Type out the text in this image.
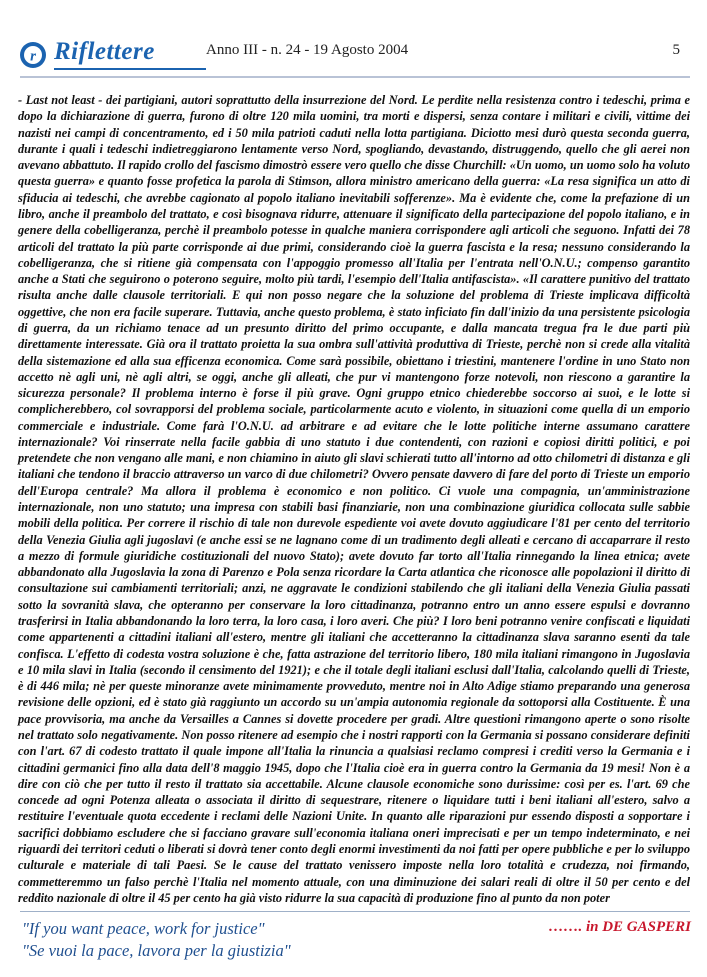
r Riflettere	Anno III - n. 24 - 19 Agosto 2004	5
- Last not least - dei partigiani, autori soprattutto della insurrezione del Nord. Le perdite nella resistenza contro i tedeschi, prima e dopo la dichiarazione di guerra, furono di oltre 120 mila uomini, tra morti e dispersi, senza contare i militari e civili, vittime dei nazisti nei campi di concentramento, ed i 50 mila patrioti caduti nella lotta partigiana. Diciotto mesi durò questa seconda guerra, durante i quali i tedeschi indietreggiarono lentamente verso Nord, spogliando, devastando, distruggendo, quello che gli aerei non avevano abbattuto. Il rapido crollo del fascismo dimostrò essere vero quello che disse Churchill: «Un uomo, un uomo solo ha voluto questa guerra» e quanto fosse profetica la parola di Stimson, allora ministro americano della guerra: «La resa significa un atto di sfiducia ai tedeschi, che avrebbe cagionato al popolo italiano inevitabili sofferenze». Ma è evidente che, come la prefazione di un libro, anche il preambolo del trattato, e così bisognava ridurre, attenuare il significato della partecipazione del popolo italiano, e in genere della cobelligeranza, perchè il preambolo potesse in qualche maniera corrispondere agli articoli che seguono. Infatti dei 78 articoli del trattato la più parte corrisponde ai due primi, considerando cioè la guerra fascista e la resa; nessuno considerando la cobelligeranza, che si ritiene già compensata con l'appoggio promesso all'Italia per l'entrata nell'O.N.U.; compenso garantito anche a Stati che seguirono o poterono seguire, molto più tardi, l'esempio dell'Italia antifascista». «Il carattere punitivo del trattato risulta anche dalle clausole territoriali. E qui non posso negare che la soluzione del problema di Trieste implicava difficoltà oggettive, che non era facile superare. Tuttavia, anche questo problema, è stato inficiato fin dall'inizio da una persistente psicologia di guerra, da un richiamo tenace ad un presunto diritto del primo occupante, e dalla mancata tregua fra le due parti più direttamente interessate. Già ora il trattato proietta la sua ombra sull'attività produttiva di Trieste, perchè non si crede alla vitalità della sistemazione ed alla sua efficenza economica. Come sarà possibile, obiettano i triestini, mantenere l'ordine in uno Stato non accetto nè agli uni, nè agli altri, se oggi, anche gli alleati, che pur vi mantengono forze notevoli, non riescono a garantire la sicurezza personale? Il problema interno è forse il più grave. Ogni gruppo etnico chiederebbe soccorso ai suoi, e le lotte si complicherebbero, col sovrapporsi del problema sociale, particolarmente acuto e violento, in situazioni come quella di un emporio commerciale e industriale. Come farà l'O.N.U. ad arbitrare e ad evitare che le lotte politiche interne assumano carattere internazionale? Voi rinserrate nella facile gabbia di uno statuto i due contendenti, con razioni e copiosi diritti politici, e poi pretendete che non vengano alle mani, e non chiamino in aiuto gli slavi schierati tutto all'intorno ad otto chilometri di distanza e gli italiani che tendono il braccio attraverso un varco di due chilometri? Ovvero pensate davvero di fare del porto di Trieste un emporio dell'Europa centrale? Ma allora il problema è economico e non politico. Ci vuole una compagnia, un'amministrazione internazionale, non uno statuto; una impresa con stabili basi finanziarie, non una combinazione giuridica collocata sulle sabbie mobili della politica. Per correre il rischio di tale non durevole espediente voi avete dovuto aggiudicare l'81 per cento del territorio della Venezia Giulia agli jugoslavi (e anche essi se ne lagnano come di un tradimento degli alleati e cercano di accaparrare il resto a mezzo di formule giuridiche costituzionali del nuovo Stato); avete dovuto far torto all'Italia rinnegando la linea etnica; avete abbandonato alla Jugoslavia la zona di Parenzo e Pola senza ricordare la Carta atlantica che riconosce alle popolazioni il diritto di consultazione sui cambiamenti territoriali; anzi, ne aggravate le condizioni stabilendo che gli italiani della Venezia Giulia passati sotto la sovranità slava, che opteranno per conservare la loro cittadinanza, potranno entro un anno essere espulsi e dovranno trasferirsi in Italia abbandonando la loro terra, la loro casa, i loro averi. Che più? I loro beni potranno venire confiscati e liquidati come appartenenti a cittadini italiani all'estero, mentre gli italiani che accetteranno la cittadinanza slava saranno esenti da tale confisca. L'effetto di codesta vostra soluzione è che, fatta astrazione del territorio libero, 180 mila italiani rimangono in Jugoslavia e 10 mila slavi in Italia (secondo il censimento del 1921); e che il totale degli italiani esclusi dall'Italia, calcolando quelli di Trieste, è di 446 mila; nè per queste minoranze avete minimamente provveduto, mentre noi in Alto Adige stiamo preparando una generosa revisione delle opzioni, ed è stato già raggiunto un accordo su un'ampia autonomia regionale da sottoporsi alla Costituente. È una pace provvisoria, ma anche da Versailles a Cannes si dovette procedere per gradi. Altre questioni rimangono aperte o sono risolte nel trattato solo negativamente. Non posso ritenere ad esempio che i nostri rapporti con la Germania si possano considerare definiti con l'art. 67 di codesto trattato il quale impone all'Italia la rinuncia a qualsiasi reclamo compresi i crediti verso la Germania e i cittadini germanici fino alla data dell'8 maggio 1945, dopo che l'Italia cioè era in guerra contro la Germania da 19 mesi! Non è a dire con ciò che per tutto il resto il trattato sia accettabile. Alcune clausole economiche sono durissime: così per es. l'art. 69 che concede ad ogni Potenza alleata o associata il diritto di sequestrare, ritenere o liquidare tutti i beni italiani all'estero, salvo a restituire l'eventuale quota eccedente i reclami delle Nazioni Unite. In quanto alle riparazioni pur essendo disposti a sopportare i sacrifici dobbiamo escludere che si facciano gravare sull'economia italiana oneri imprecisati e per un tempo indeterminato, e nei riguardi dei territori ceduti o liberati si dovrà tener conto degli enormi investimenti da noi fatti per opere pubbliche e per lo sviluppo culturale e materiale di tali Paesi. Se le cause del trattato venissero imposte nella loro totalità e crudezza, noi firmando, commetteremmo un falso perchè l'Italia nel momento attuale, con una diminuzione dei salari reali di oltre il 50 per cento e del reddito nazionale di oltre il 45 per cento ha già visto ridurre la sua capacità di produzione fino al punto da non poter
"If you want peace, work for justice"
"Se vuoi la pace, lavora per la giustizia"
……. in DE GASPERI
